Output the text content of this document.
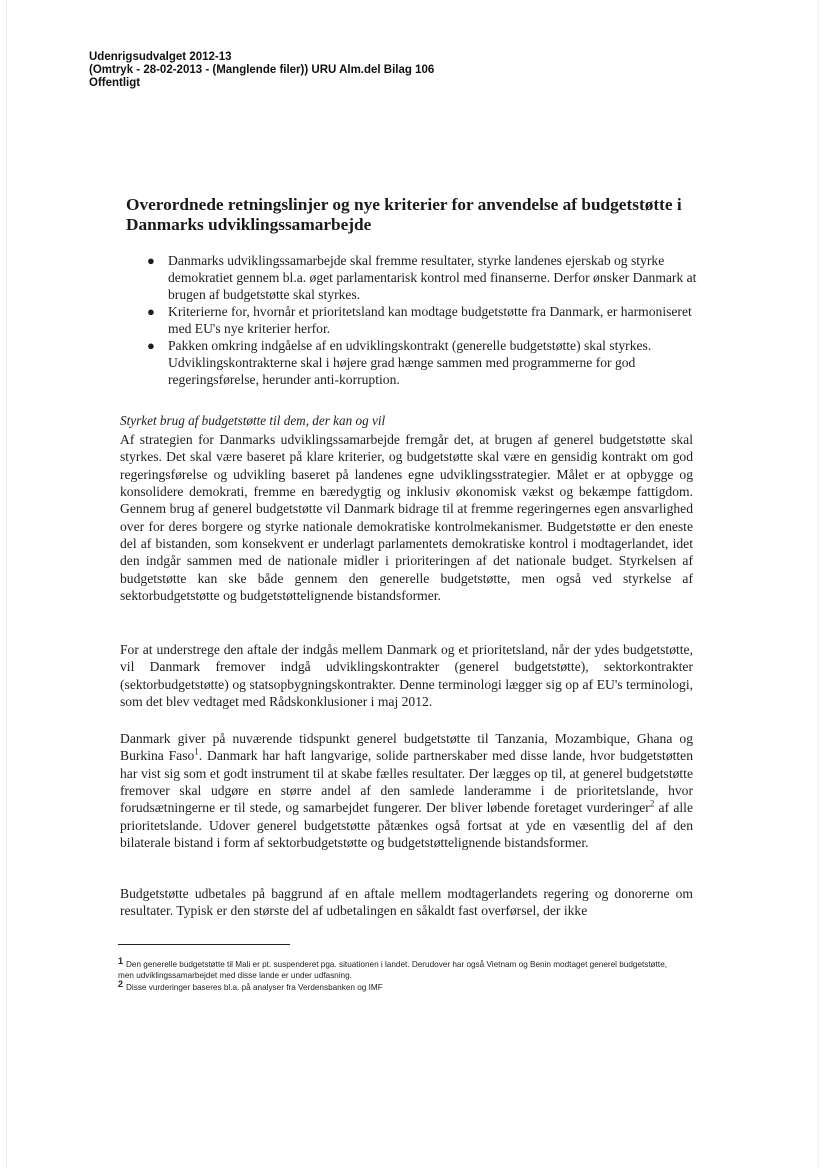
Udenrigsudvalget 2012-13
(Omtryk - 28-02-2013 - (Manglende filer)) URU Alm.del Bilag 106
Offentligt
Overordnede retningslinjer og nye kriterier for anvendelse af budgetstøtte i Danmarks udviklingssamarbejde
● Danmarks udviklingssamarbejde skal fremme resultater, styrke landenes ejerskab og styrke demokratiet gennem bl.a. øget parlamentarisk kontrol med finanserne. Derfor ønsker Danmark at brugen af budgetstøtte skal styrkes.
● Kriterierne for, hvornår et prioritetsland kan modtage budgetstøtte fra Danmark, er harmoniseret med EU's nye kriterier herfor.
● Pakken omkring indgåelse af en udviklingskontrakt (generelle budgetstøtte) skal styrkes. Udviklingskontrakterne skal i højere grad hænge sammen med programmerne for god regeringsførelse, herunder anti-korruption.
Styrket brug af budgetstøtte til dem, der kan og vil

Af strategien for Danmarks udviklingssamarbejde fremgår det, at brugen af generel budgetstøtte skal styrkes. Det skal være baseret på klare kriterier, og budgetstøtte skal være en gensidig kontrakt om god regeringsførelse og udvikling baseret på landenes egne udviklingsstrategier. Målet er at opbygge og konsolidere demokrati, fremme en bæredygtig og inklusiv økonomisk vækst og bekæmpe fattigdom. Gennem brug af generel budgetstøtte vil Danmark bidrage til at fremme regeringernes egen ansvarlighed over for deres borgere og styrke nationale demokratiske kontrolmekanismer. Budgetstøtte er den eneste del af bistanden, som konsekvent er underlagt parlamentets demokratiske kontrol i modtagerlandet, idet den indgår sammen med de nationale midler i prioriteringen af det nationale budget. Styrkelsen af budgetstøtte kan ske både gennem den generelle budgetstøtte, men også ved styrkelse af sektorbudgetstøtte og budgetstøttelignende bistandsformer.

For at understrege den aftale der indgås mellem Danmark og et prioritetsland, når der ydes budgetstøtte, vil Danmark fremover indgå udviklingskontrakter (generel budgetstøtte), sektorkontrakter (sektorbudgetstøtte) og statsopbygningskontrakter. Denne terminologi lægger sig op af EU's terminologi, som det blev vedtaget med Rådskonklusioner i maj 2012.

Danmark giver på nuværende tidspunkt generel budgetstøtte til Tanzania, Mozambique, Ghana og Burkina Faso$^1$. Danmark har haft langvarige, solide partnerskaber med disse lande, hvor budgetstøtten har vist sig som et godt instrument til at skabe fælles resultater. Der lægges op til, at generel budgetstøtte fremover skal udgøre en større andel af den samlede landeramme i de prioritetslande, hvor forudsætningerne er til stede, og samarbejdet fungerer. Der bliver løbende foretaget vurderinger$^2$ af alle prioritetslande. Udover generel budgetstøtte påtænkes også fortsat at yde en væsentlig del af den bilaterale bistand i form af sektorbudgetstøtte og budgetstøttelignende bistandsformer.

Budgetstøtte udbetales på baggrund af en aftale mellem modtagerlandets regering og donorerne om resultater. Typisk er den største del af udbetalingen en såkaldt fast overførsel, der ikke

1 Den generelle budgetstøtte til Mali er pt. suspenderet pga. situationen i landet. Derudover har også Vietnam og Benin modtaget generel budgetstøtte, men udviklingssamarbejdet med disse lande er under udfasning.
2 Disse vurderinger baseres bl.a. på analyser fra Verdensbanken og IMF
